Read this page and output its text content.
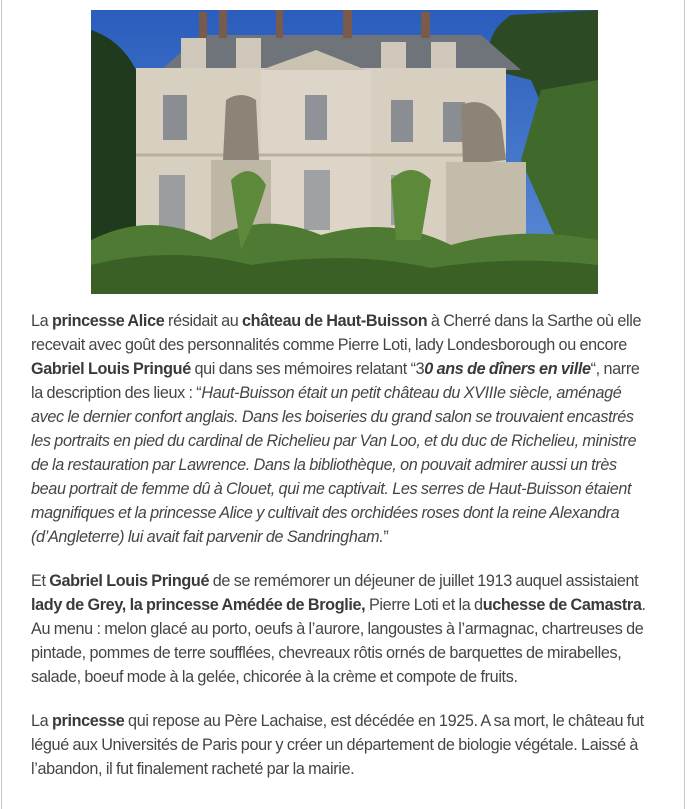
La princesse Alice résidait au château de Haut-Buisson à Cherré dans la Sarthe où elle recevait avec goût des personnalités comme Pierre Loti, lady Londesborough ou encore Gabriel Louis Pringué qui dans ses mémoires relatant “30 ans de dîners en ville“, narre la description des lieux : “Haut-Buisson était un petit château du XVIIIe siècle, aménagé avec le dernier confort anglais. Dans les boiseries du grand salon se trouvaient encastrés les portraits en pied du cardinal de Richelieu par Van Loo, et du duc de Richelieu, ministre de la restauration par Lawrence. Dans la bibliothèque, on pouvait admirer aussi un très beau portrait de femme dû à Clouet, qui me captivait. Les serres de Haut-Buisson étaient magnifiques et la princesse Alice y cultivait des orchidées roses dont la reine Alexandra (d’Angleterre) lui avait fait parvenir de Sandringham.”

Et Gabriel Louis Pringué de se remémorer un déjeuner de juillet 1913 auquel assistaient lady de Grey, la princesse Amédée de Broglie, Pierre Loti et la duchesse de Camastra. Au menu : melon glacé au porto, oeufs à l’aurore, langoustes à l’armagnac, chartreuses de pintade, pommes de terre soufflées, chevreaux rôtis ornés de barquettes de mirabelles, salade, boeuf mode à la gelée, chicorée à la crème et compote de fruits.

La princesse qui repose au Père Lachaise, est décédée en 1925. A sa mort, le château fut légué aux Universités de Paris pour y créer un département de biologie végétale. Laissé à l’abandon, il fut finalement racheté par la mairie.
